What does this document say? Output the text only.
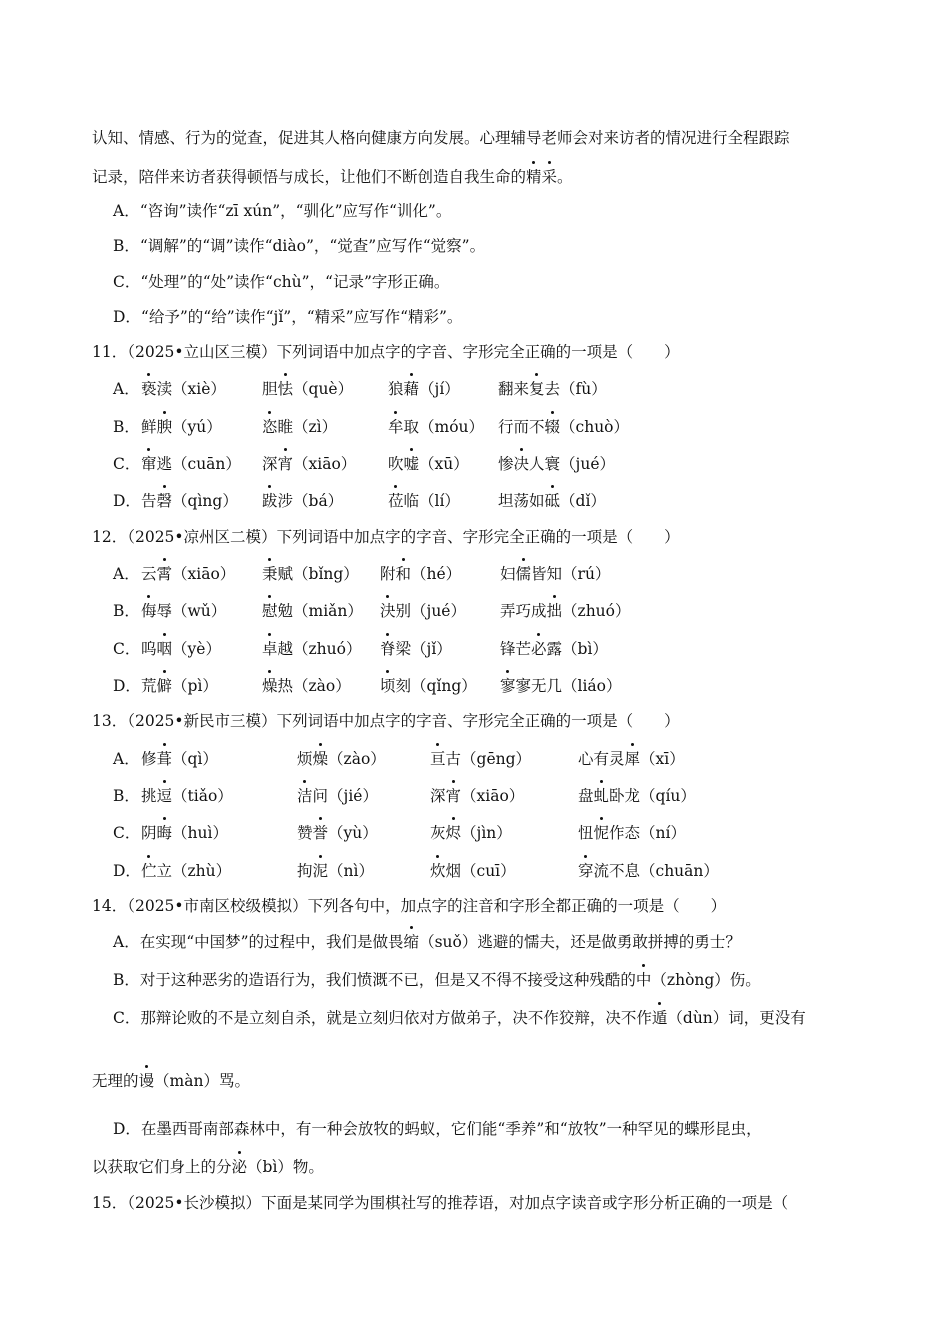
认知、情感、行为的觉查，促进其人格向健康方向发展。心理辅导老师会对来访者的情况进行全程跟踪
记录，陪伴来访者获得顿悟与成长，让他们不断创造自我生命的精采。
A．“咨询”读作“zī xún”，“驯化”应写作“训化”。
B．“调解”的“调”读作“diào”，“觉查”应写作“觉察”。
C．“处理”的“处”读作“chù”，“记录”字形正确。
D．“给予”的“给”读作“jǐ”，“精采”应写作“精彩”。
11．（2025•立山区三模）下列词语中加点字的字音、字形完全正确的一项是（　　）
A． 亵渎（xiè） 胆怯（què） 狼藉（jí） 翻来复去（fù）
B． 鲜腴（yú）	恣睢（zì）	牟取（móu） 行而不辍（chuò）
C． 窜逃（cuān） 深宵（xiāo） 吹嘘（xū） 惨决人寰（jué）
D． 告磬（qìng） 跋涉（bá）	莅临（lí） 坦荡如砥（dǐ）
12．（2025•凉州区二模）下列词语中加点字的字音、字形完全正确的一项是（　　）
A． 云霄（xiāo） 秉赋（bǐng） 附和（hé）	妇儒皆知（rú）
B． 侮辱（wǔ） 慰勉（miǎn） 決别（jué） 弄巧成拙（zhuó）
C． 呜咽（yè）	卓越（zhuó） 脊梁（jǐ）	锋芒必露（bì）
D． 荒僻（pì）	燥热（zào） 顷刻（qǐng） 寥寥无几（liáo）
13．（2025•新民市三模）下列词语中加点字的字音、字形完全正确的一项是（　　）
A． 修葺（qì）	烦燥（zào）	亘古（gēng）	心有灵犀（xī）
B． 挑逗（tiǎo）	洁问（jié）	深宵（xiāo）	盘虬卧龙（qíu）
C． 阴晦（huì）	赞誉（yù）	灰烬（jìn）	忸怩作态（ní）
D． 伫立（zhù）	拘泥（nì）	炊烟（cuī）	穿流不息（chuān）
14．（2025•市南区校级模拟）下列各句中，加点字的注音和字形全都正确的一项是（　　）
A．在实现“中国梦”的过程中，我们是做畏缩（suǒ）逃避的懦夫，还是做勇敢拼搏的勇士？
B．对于这种恶劣的造语行为，我们愤溉不已，但是又不得不接受这种残酷的中（zhòng）伤。
C．那辩论败的不是立刻自杀，就是立刻归依对方做弟子，决不作狡辩，决不作遁（dùn）词，更没有
无理的谩（màn）骂。
D．在墨西哥南部森林中，有一种会放牧的蚂蚁，它们能“季养”和“放牧”一种罕见的蝶形昆虫，
以获取它们身上的分泌（bì）物。
15．（2025•长沙模拟）下面是某同学为围棋社写的推荐语，对加点字读音或字形分析正确的一项是（
